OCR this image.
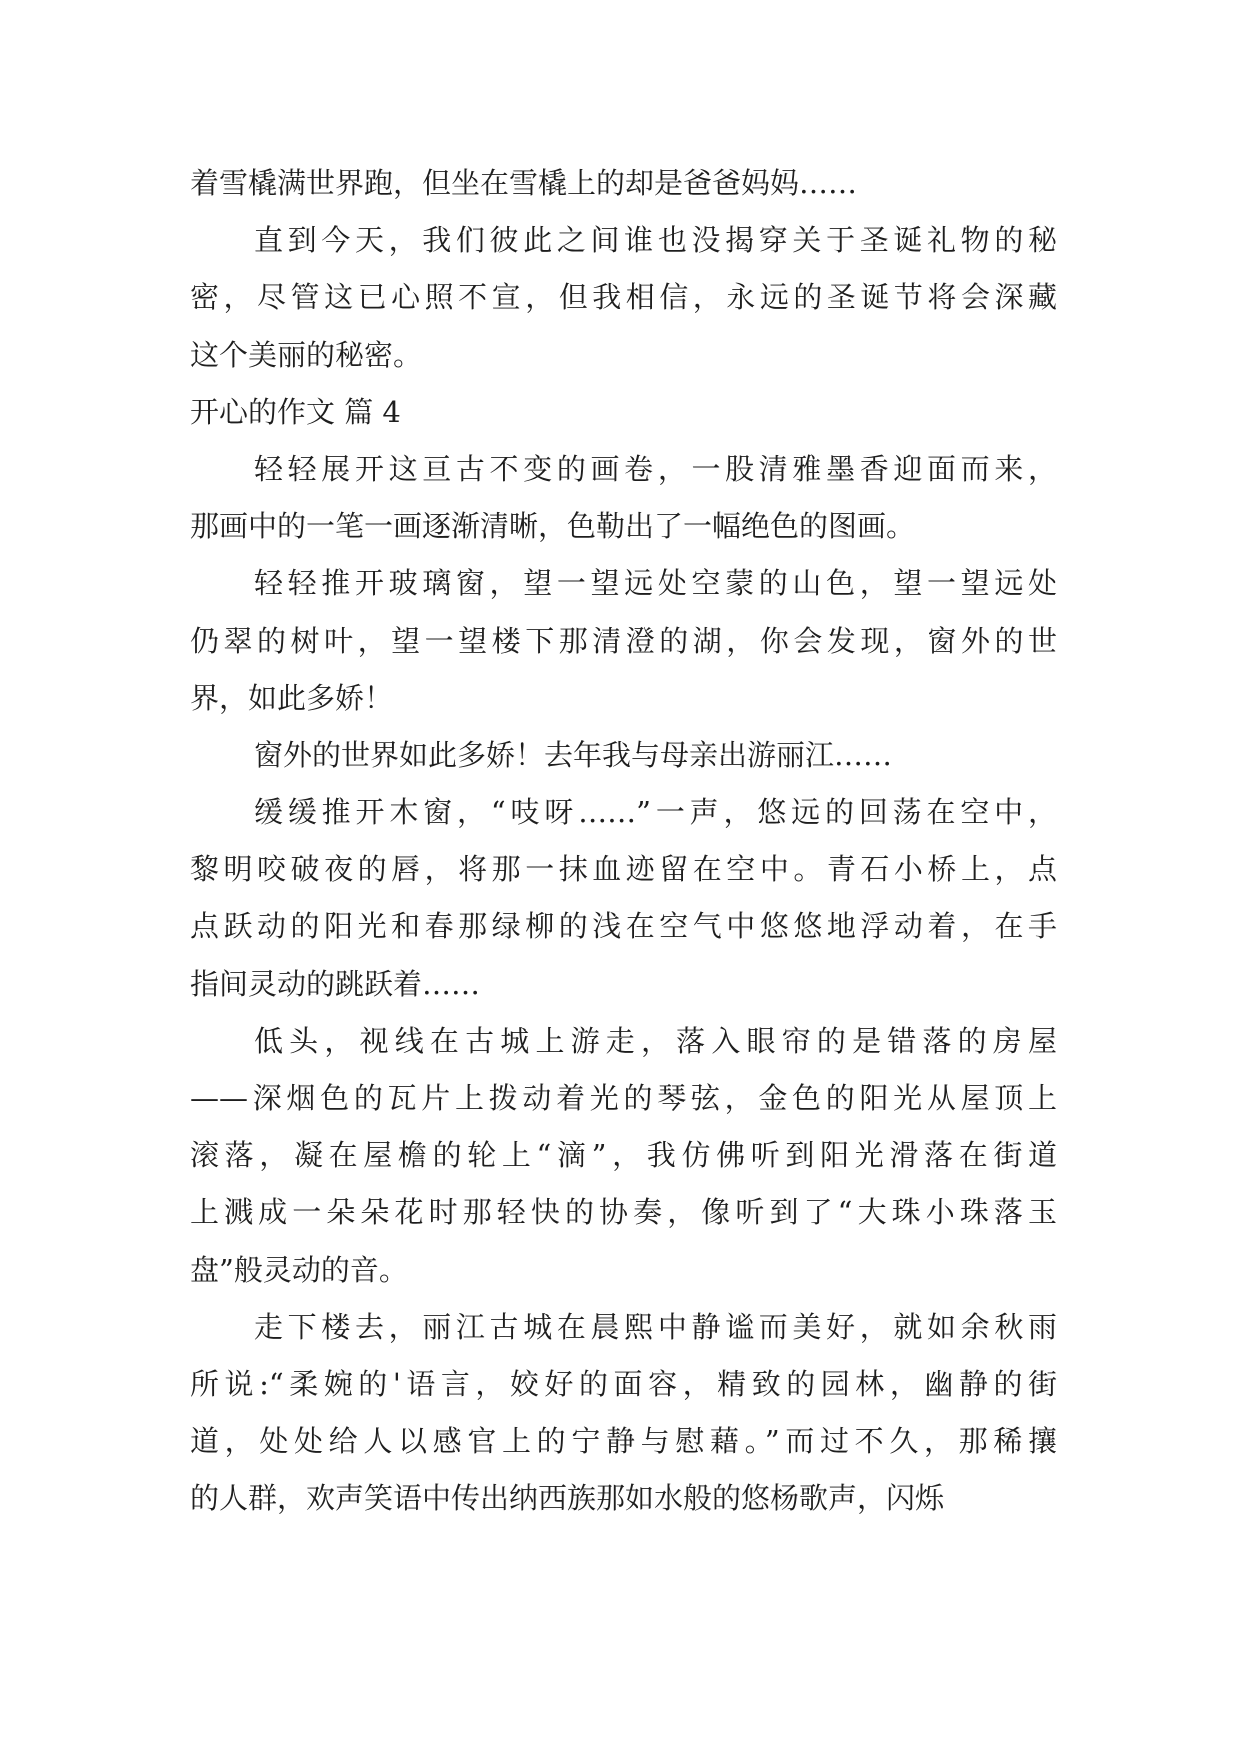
着雪橇满世界跑，但坐在雪橇上的却是爸爸妈妈……
直到今天，我们彼此之间谁也没揭穿关于圣诞礼物的秘
密，尽管这已心照不宣，但我相信，永远的圣诞节将会深藏
这个美丽的秘密。
开心的作文 篇 4
轻轻展开这亘古不变的画卷，一股清雅墨香迎面而来，
那画中的一笔一画逐渐清晰，色勒出了一幅绝色的图画。
轻轻推开玻璃窗，望一望远处空蒙的山色，望一望远处
仍翠的树叶，望一望楼下那清澄的湖，你会发现，窗外的世
界，如此多娇！
窗外的世界如此多娇！去年我与母亲出游丽江……
缓缓推开木窗，“吱呀……”一声，悠远的回荡在空中，
黎明咬破夜的唇，将那一抹血迹留在空中。青石小桥上，点
点跃动的阳光和春那绿柳的浅在空气中悠悠地浮动着，在手
指间灵动的跳跃着……
低头，视线在古城上游走，落入眼帘的是错落的房屋
——深烟色的瓦片上拨动着光的琴弦，金色的阳光从屋顶上
滚落，凝在屋檐的轮上“滴”，我仿佛听到阳光滑落在街道
上溅成一朵朵花时那轻快的协奏，像听到了“大珠小珠落玉
盘”般灵动的音。
走下楼去，丽江古城在晨熙中静谧而美好，就如余秋雨
所说:“柔婉的'语言，姣好的面容，精致的园林，幽静的街
道，处处给人以感官上的宁静与慰藉。”而过不久，那稀攘
的人群，欢声笑语中传出纳西族那如水般的悠杨歌声，闪烁
